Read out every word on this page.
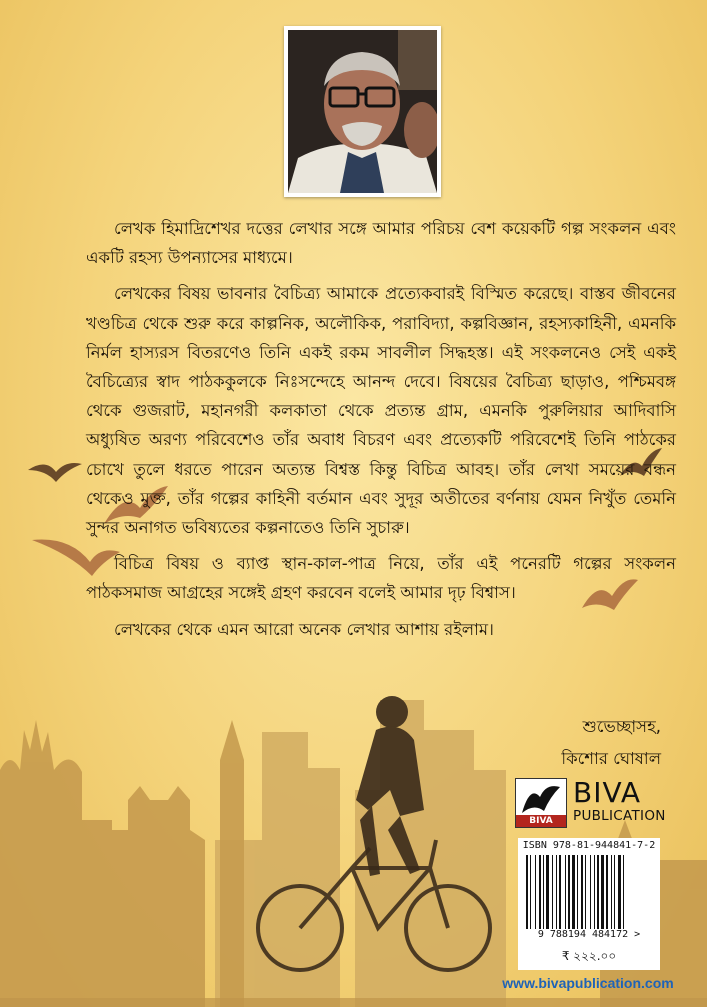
লেখক হিমাদ্রিশেখর দত্তের লেখার সঙ্গে আমার পরিচয় বেশ কয়েকটি গল্প সংকলন এবং একটি রহস্য উপন্যাসের মাধ্যমে।

লেখকের বিষয় ভাবনার বৈচিত্র্য আমাকে প্রত্যেকবারই বিস্মিত করেছে। বাস্তব জীবনের খণ্ডচিত্র থেকে শুরু করে কাল্পনিক, অলৌকিক, পরাবিদ্যা, কল্পবিজ্ঞান, রহস্যকাহিনী, এমনকি নির্মল হাস্যরস বিতরণেও তিনি একই রকম সাবলীল সিদ্ধহস্ত। এই সংকলনেও সেই একই বৈচিত্র্যের স্বাদ পাঠককুলকে নিঃসন্দেহে আনন্দ দেবে। বিষয়ের বৈচিত্র্য ছাড়াও, পশ্চিমবঙ্গ থেকে গুজরাট, মহানগরী কলকাতা থেকে প্রত্যন্ত গ্রাম, এমনকি পুরুলিয়ার আদিবাসি অধ্যুষিত অরণ্য পরিবেশেও তাঁর অবাধ বিচরণ এবং প্রত্যেকটি পরিবেশেই তিনি পাঠকের চোখে তুলে ধরতে পারেন অত্যন্ত বিশ্বস্ত কিন্তু বিচিত্র আবহ। তাঁর লেখা সময়ের বন্ধন থেকেও মুক্ত, তাঁর গল্পের কাহিনী বর্তমান এবং সুদূর অতীতের বর্ণনায় যেমন নিখুঁত তেমনি সুন্দর অনাগত ভবিষ্যতের কল্পনাতেও তিনি সুচারু।

বিচিত্র বিষয় ও ব্যাপ্ত স্থান-কাল-পাত্র নিয়ে, তাঁর এই পনেরটি গল্পের সংকলন পাঠকসমাজ আগ্রহের সঙ্গেই গ্রহণ করবেন বলেই আমার দৃঢ় বিশ্বাস।

লেখকের থেকে এমন আরো অনেক লেখার আশায় রইলাম।

শুভেচ্ছাসহ,
কিশোর ঘোষাল
BIVA
BIVA
PUBLICATION
ISBN 978-81-944841-7-2
9 788194 484172 >
₹ ২২২.০০
www.bivapublication.com
